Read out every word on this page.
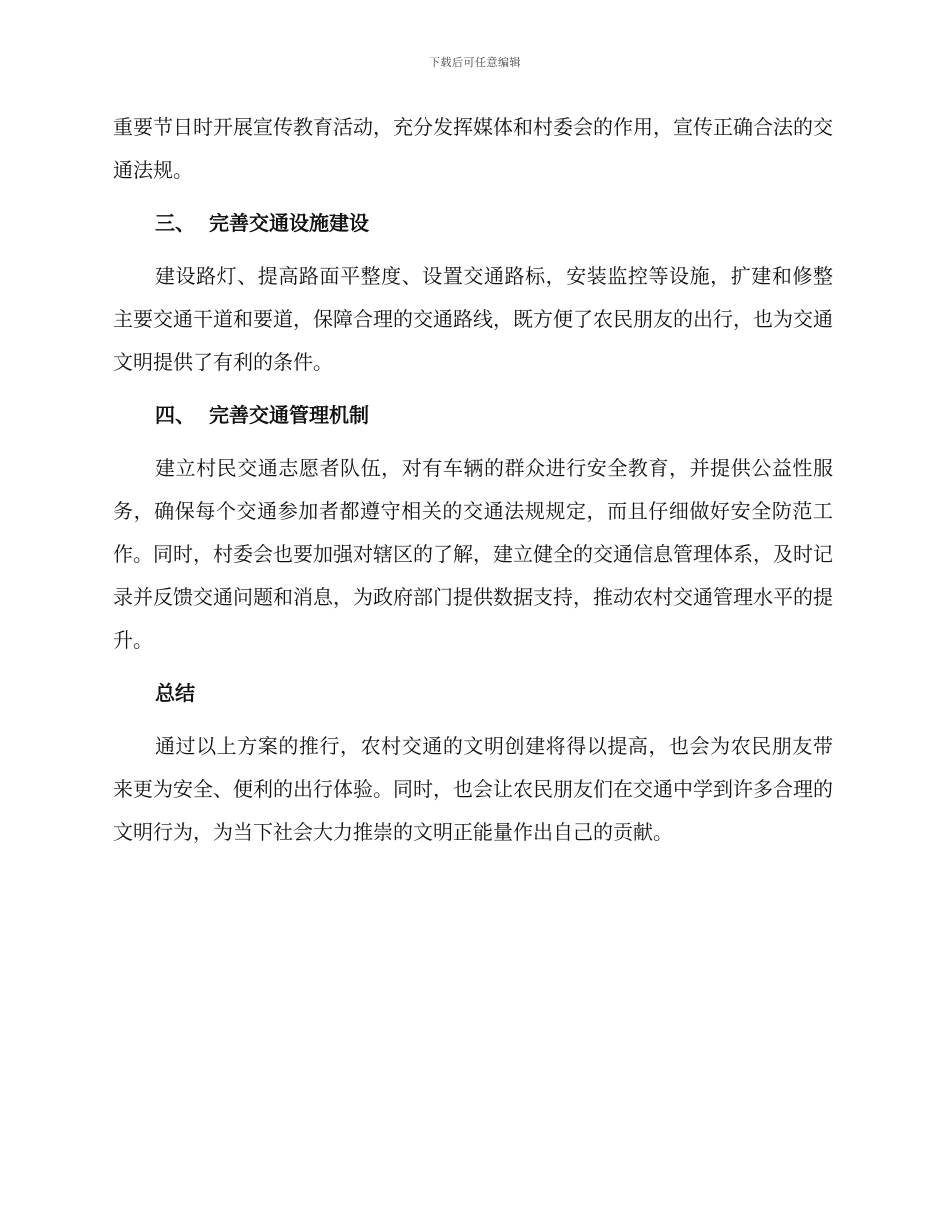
下载后可任意编辑

重要节日时开展宣传教育活动，充分发挥媒体和村委会的作用，宣传正确合法的交通法规。

三、 完善交通设施建设

建设路灯、提高路面平整度、设置交通路标，安装监控等设施，扩建和修整主要交通干道和要道，保障合理的交通路线，既方便了农民朋友的出行，也为交通文明提供了有利的条件。

四、 完善交通管理机制

建立村民交通志愿者队伍，对有车辆的群众进行安全教育，并提供公益性服务，确保每个交通参加者都遵守相关的交通法规规定，而且仔细做好安全防范工作。同时，村委会也要加强对辖区的了解，建立健全的交通信息管理体系，及时记录并反馈交通问题和消息，为政府部门提供数据支持，推动农村交通管理水平的提升。

总结

通过以上方案的推行，农村交通的文明创建将得以提高，也会为农民朋友带来更为安全、便利的出行体验。同时，也会让农民朋友们在交通中学到许多合理的文明行为，为当下社会大力推崇的文明正能量作出自己的贡献。
